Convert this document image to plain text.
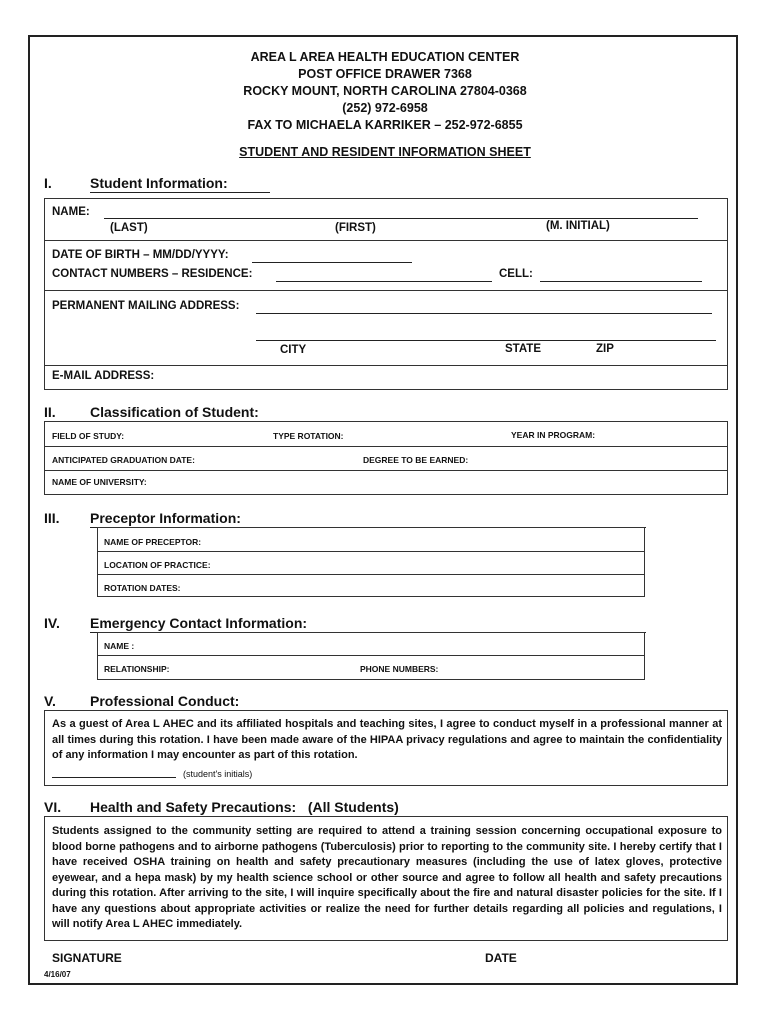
AREA L AREA HEALTH EDUCATION CENTER
POST OFFICE DRAWER 7368
ROCKY MOUNT, NORTH CAROLINA 27804-0368
(252) 972-6958
FAX TO MICHAELA KARRIKER – 252-972-6855
STUDENT AND RESIDENT INFORMATION SHEET
I.	Student Information:
NAME:
(LAST)	(FIRST)	(M. INITIAL)
DATE OF BIRTH – MM/DD/YYYY:
CONTACT NUMBERS – RESIDENCE:	CELL:
PERMANENT MAILING ADDRESS:
CITY	STATE	ZIP
E-MAIL ADDRESS:
II. Classification of Student:
FIELD OF STUDY:	TYPE ROTATION:	YEAR IN PROGRAM:
ANTICIPATED GRADUATION DATE:	DEGREE TO BE EARNED:
NAME OF UNIVERSITY:
III. Preceptor Information:
NAME OF PRECEPTOR:
LOCATION OF PRACTICE:
ROTATION DATES:
IV. Emergency Contact Information:
NAME :
RELATIONSHIP:	PHONE NUMBERS:
V. Professional Conduct:
As a guest of Area L AHEC and its affiliated hospitals and teaching sites, I agree to conduct myself in a professional manner at all times during this rotation. I have been made aware of the HIPAA privacy regulations and agree to maintain the confidentiality of any information I may encounter as part of this rotation.
(student's initials)
VI. Health and Safety Precautions:   (All Students)
Students assigned to the community setting are required to attend a training session concerning occupational exposure to blood borne pathogens and to airborne pathogens (Tuberculosis) prior to reporting to the community site. I hereby certify that I have received OSHA training on health and safety precautionary measures (including the use of latex gloves, protective eyewear, and a hepa mask) by my health science school or other source and agree to follow all health and safety precautions during this rotation. After arriving to the site, I will inquire specifically about the fire and natural disaster policies for the site. If I have any questions about appropriate activities or realize the need for further details regarding all policies and regulations, I will notify Area L AHEC immediately.
SIGNATURE	DATE
4/16/07
